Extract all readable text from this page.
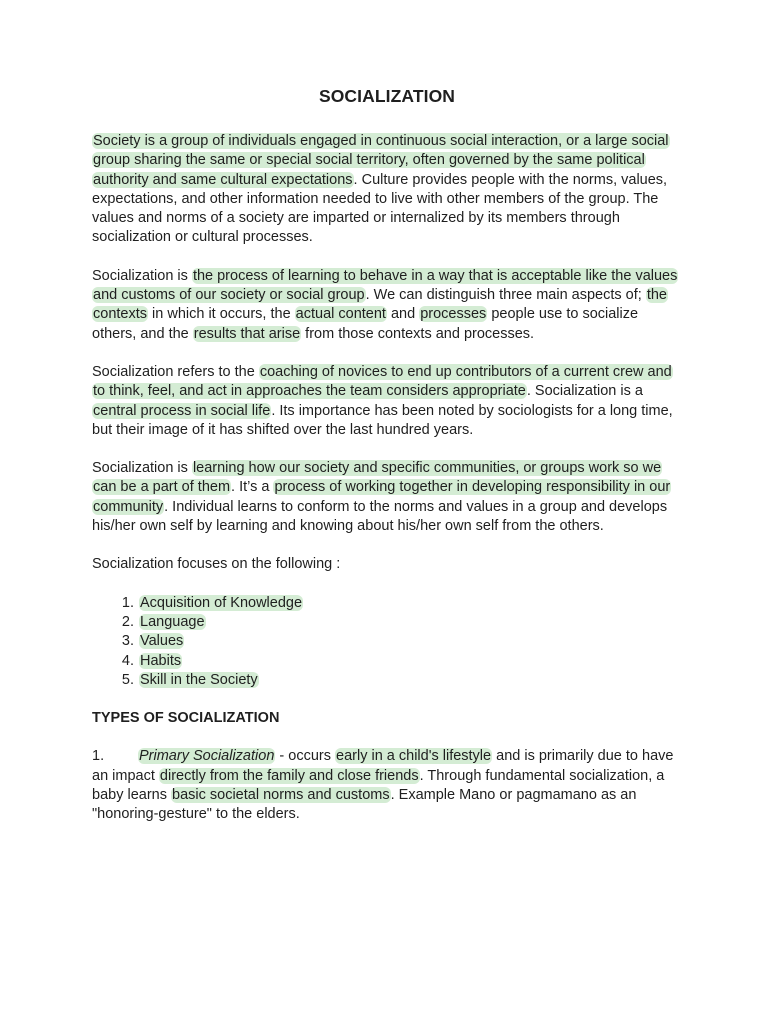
SOCIALIZATION
Society is a group of individuals engaged in continuous social interaction, or a large social group sharing the same or special social territory, often governed by the same political authority and same cultural expectations. Culture provides people with the norms, values, expectations, and other information needed to live with other members of the group. The values and norms of a society are imparted or internalized by its members through socialization or cultural processes.
Socialization is the process of learning to behave in a way that is acceptable like the values and customs of our society or social group. We can distinguish three main aspects of; the contexts in which it occurs, the actual content and processes people use to socialize others, and the results that arise from those contexts and processes.
Socialization refers to the coaching of novices to end up contributors of a current crew and to think, feel, and act in approaches the team considers appropriate. Socialization is a central process in social life. Its importance has been noted by sociologists for a long time, but their image of it has shifted over the last hundred years.
Socialization is learning how our society and specific communities, or groups work so we can be a part of them. It’s a process of working together in developing responsibility in our community. Individual learns to conform to the norms and values in a group and develops his/her own self by learning and knowing about his/her own self from the others.
Socialization focuses on the following :
1. Acquisition of Knowledge
2. Language
3. Values
4. Habits
5. Skill in the Society
TYPES OF SOCIALIZATION
1. Primary Socialization - occurs early in a child's lifestyle and is primarily due to have an impact directly from the family and close friends. Through fundamental socialization, a baby learns basic societal norms and customs. Example Mano or pagmamano as an "honoring-gesture" to the elders.
